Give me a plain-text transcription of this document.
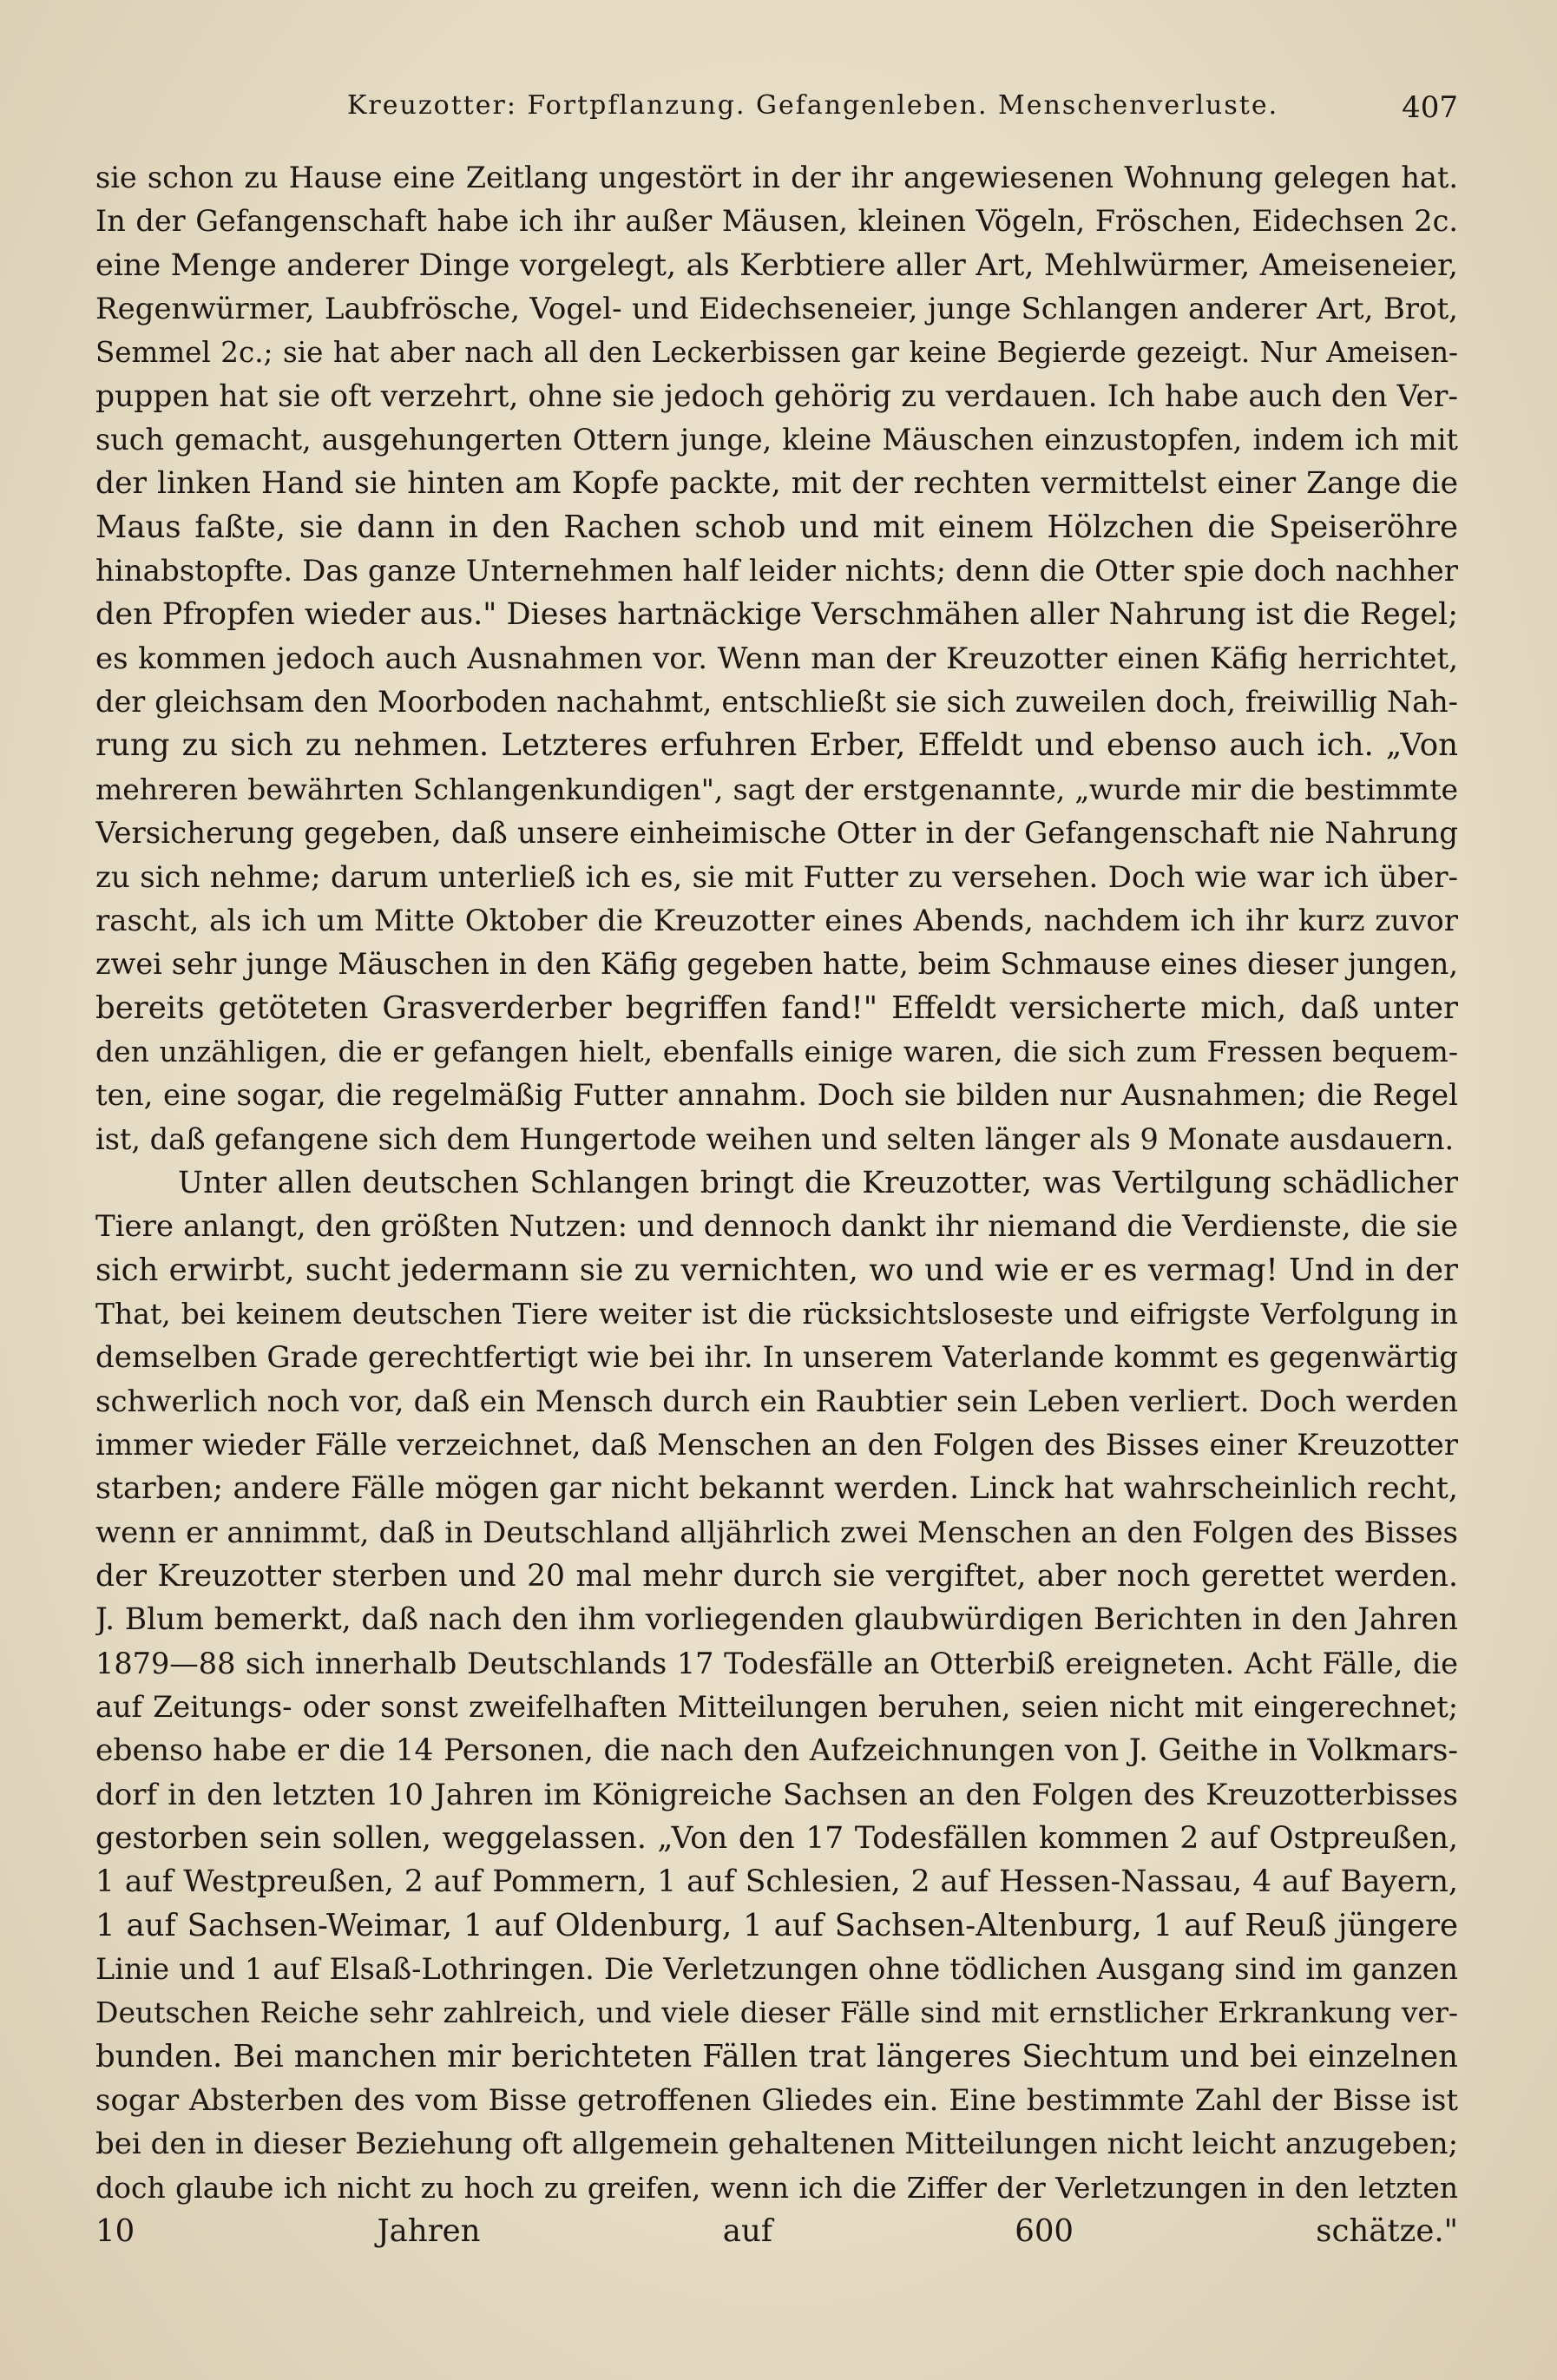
Kreuzotter: Fortpflanzung. Gefangenleben. Menschenverluste.	407
sie schon zu Hause eine Zeitlang ungestört in der ihr angewiesenen Wohnung gelegen hat.
In der Gefangenschaft habe ich ihr außer Mäusen, kleinen Vögeln, Fröschen, Eidechsen 2c.
eine Menge anderer Dinge vorgelegt, als Kerbtiere aller Art, Mehlwürmer, Ameiseneier,
Regenwürmer, Laubfrösche, Vogel- und Eidechseneier, junge Schlangen anderer Art, Brot,
Semmel 2c.; sie hat aber nach all den Leckerbissen gar keine Begierde gezeigt. Nur Ameisen-
puppen hat sie oft verzehrt, ohne sie jedoch gehörig zu verdauen. Ich habe auch den Ver-
such gemacht, ausgehungerten Ottern junge, kleine Mäuschen einzustopfen, indem ich mit
der linken Hand sie hinten am Kopfe packte, mit der rechten vermittelst einer Zange die
Maus faßte, sie dann in den Rachen schob und mit einem Hölzchen die Speiseröhre
hinabstopfte. Das ganze Unternehmen half leider nichts; denn die Otter spie doch nachher
den Pfropfen wieder aus." Dieses hartnäckige Verschmähen aller Nahrung ist die Regel;
es kommen jedoch auch Ausnahmen vor. Wenn man der Kreuzotter einen Käfig herrichtet,
der gleichsam den Moorboden nachahmt, entschließt sie sich zuweilen doch, freiwillig Nah-
rung zu sich zu nehmen. Letzteres erfuhren Erber, Effeldt und ebenso auch ich. „Von
mehreren bewährten Schlangenkundigen", sagt der erstgenannte, „wurde mir die bestimmte
Versicherung gegeben, daß unsere einheimische Otter in der Gefangenschaft nie Nahrung
zu sich nehme; darum unterließ ich es, sie mit Futter zu versehen. Doch wie war ich über-
rascht, als ich um Mitte Oktober die Kreuzotter eines Abends, nachdem ich ihr kurz zuvor
zwei sehr junge Mäuschen in den Käfig gegeben hatte, beim Schmause eines dieser jungen,
bereits getöteten Grasverderber begriffen fand!" Effeldt versicherte mich, daß unter
den unzähligen, die er gefangen hielt, ebenfalls einige waren, die sich zum Fressen bequem-
ten, eine sogar, die regelmäßig Futter annahm. Doch sie bilden nur Ausnahmen; die Regel
ist, daß gefangene sich dem Hungertode weihen und selten länger als 9 Monate ausdauern.
Unter allen deutschen Schlangen bringt die Kreuzotter, was Vertilgung schädlicher
Tiere anlangt, den größten Nutzen: und dennoch dankt ihr niemand die Verdienste, die sie
sich erwirbt, sucht jedermann sie zu vernichten, wo und wie er es vermag! Und in der
That, bei keinem deutschen Tiere weiter ist die rücksichtsloseste und eifrigste Verfolgung in
demselben Grade gerechtfertigt wie bei ihr. In unserem Vaterlande kommt es gegenwärtig
schwerlich noch vor, daß ein Mensch durch ein Raubtier sein Leben verliert. Doch werden
immer wieder Fälle verzeichnet, daß Menschen an den Folgen des Bisses einer Kreuzotter
starben; andere Fälle mögen gar nicht bekannt werden. Linck hat wahrscheinlich recht,
wenn er annimmt, daß in Deutschland alljährlich zwei Menschen an den Folgen des Bisses
der Kreuzotter sterben und 20 mal mehr durch sie vergiftet, aber noch gerettet werden.
J. Blum bemerkt, daß nach den ihm vorliegenden glaubwürdigen Berichten in den Jahren
1879—88 sich innerhalb Deutschlands 17 Todesfälle an Otterbiß ereigneten. Acht Fälle, die
auf Zeitungs- oder sonst zweifelhaften Mitteilungen beruhen, seien nicht mit eingerechnet;
ebenso habe er die 14 Personen, die nach den Aufzeichnungen von J. Geithe in Volkmars-
dorf in den letzten 10 Jahren im Königreiche Sachsen an den Folgen des Kreuzotterbisses
gestorben sein sollen, weggelassen. „Von den 17 Todesfällen kommen 2 auf Ostpreußen,
1 auf Westpreußen, 2 auf Pommern, 1 auf Schlesien, 2 auf Hessen-Nassau, 4 auf Bayern,
1 auf Sachsen-Weimar, 1 auf Oldenburg, 1 auf Sachsen-Altenburg, 1 auf Reuß jüngere
Linie und 1 auf Elsaß-Lothringen. Die Verletzungen ohne tödlichen Ausgang sind im ganzen
Deutschen Reiche sehr zahlreich, und viele dieser Fälle sind mit ernstlicher Erkrankung ver-
bunden. Bei manchen mir berichteten Fällen trat längeres Siechtum und bei einzelnen
sogar Absterben des vom Bisse getroffenen Gliedes ein. Eine bestimmte Zahl der Bisse ist
bei den in dieser Beziehung oft allgemein gehaltenen Mitteilungen nicht leicht anzugeben;
doch glaube ich nicht zu hoch zu greifen, wenn ich die Ziffer der Verletzungen in den letzten
10 Jahren auf 600 schätze."
